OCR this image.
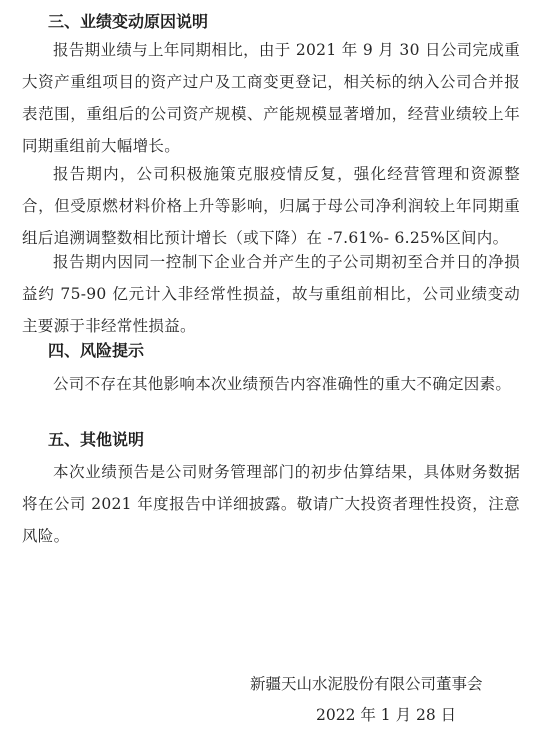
三、业绩变动原因说明
报告期业绩与上年同期相比，由于 2021 年 9 月 30 日公司完成重大资产重组项目的资产过户及工商变更登记，相关标的纳入公司合并报表范围，重组后的公司资产规模、产能规模显著增加，经营业绩较上年同期重组前大幅增长。
报告期内，公司积极施策克服疫情反复，强化经营管理和资源整合，但受原燃材料价格上升等影响，归属于母公司净利润较上年同期重组后追溯调整数相比预计增长（或下降）在 -7.61%- 6.25%区间内。
报告期内因同一控制下企业合并产生的子公司期初至合并日的净损益约 75-90 亿元计入非经常性损益，故与重组前相比，公司业绩变动主要源于非经常性损益。
四、风险提示
公司不存在其他影响本次业绩预告内容准确性的重大不确定因素。
五、其他说明
本次业绩预告是公司财务管理部门的初步估算结果，具体财务数据将在公司 2021 年度报告中详细披露。敬请广大投资者理性投资，注意风险。
新疆天山水泥股份有限公司董事会
2022 年 1 月 28 日
